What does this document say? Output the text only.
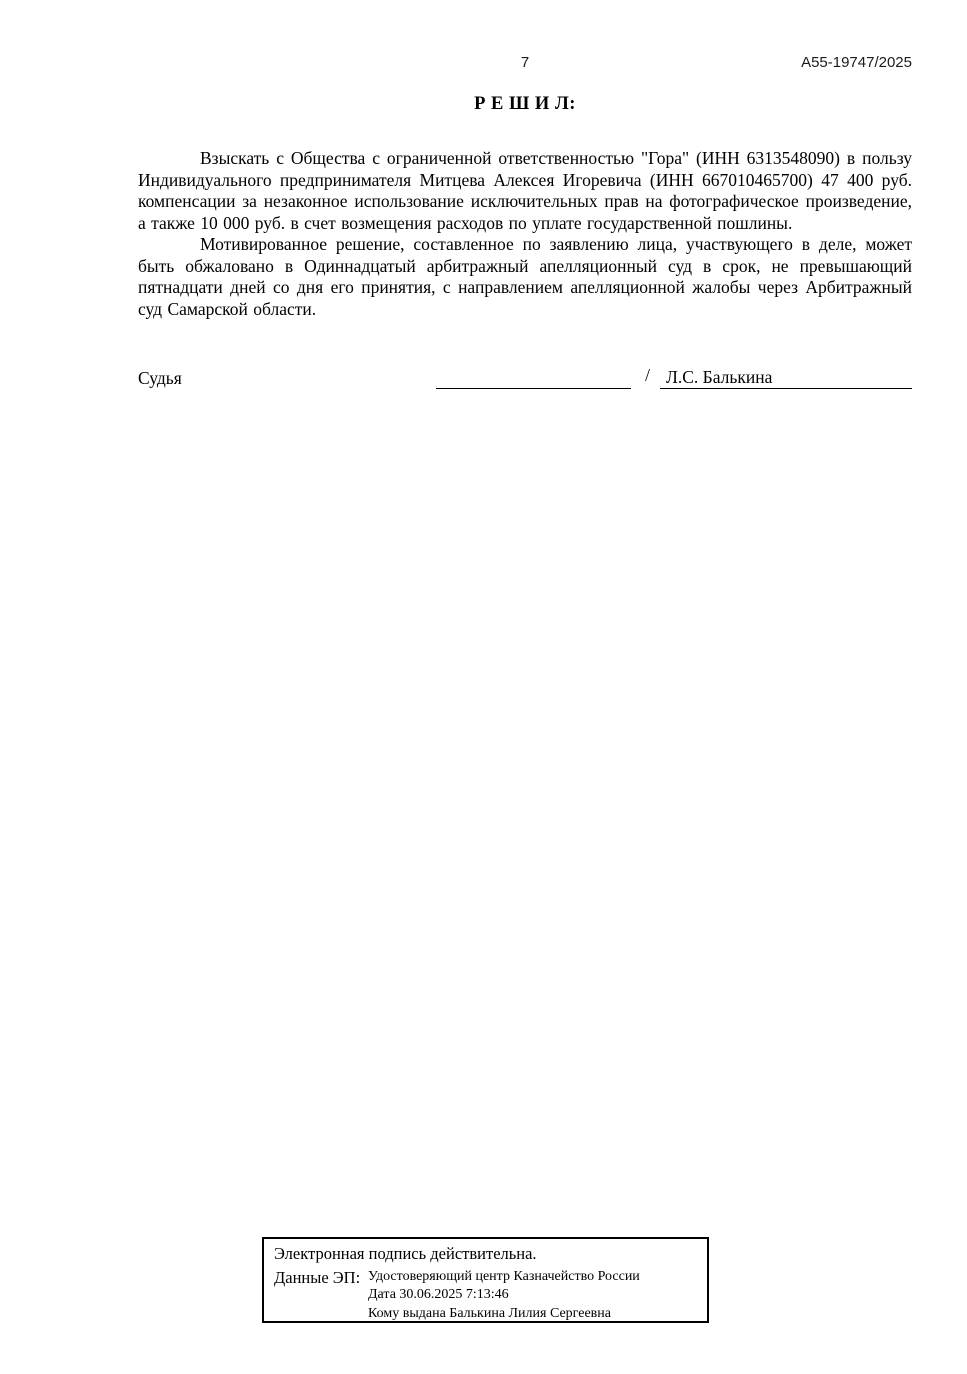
7	А55-19747/2025
Р Е Ш И Л:

Взыскать с Общества с ограниченной ответственностью "Гора" (ИНН 6313548090) в пользу Индивидуального предпринимателя Митцева Алексея Игоревича (ИНН 667010465700) 47 400 руб. компенсации за незаконное использование исключительных прав на фотографическое произведение, а также 10 000 руб. в счет возмещения расходов по уплате государственной пошлины.

Мотивированное решение, составленное по заявлению лица, участвующего в деле, может быть обжаловано в Одиннадцатый арбитражный апелляционный суд в срок, не превышающий пятнадцати дней со дня его принятия, с направлением апелляционной жалобы через Арбитражный суд Самарской области.

Судья	/ Л.С. Балькина
Электронная подпись действительна.
Данные ЭП: Удостоверяющий центр Казначейство России
Дата 30.06.2025 7:13:46
Кому выдана Балькина Лилия Сергеевна
